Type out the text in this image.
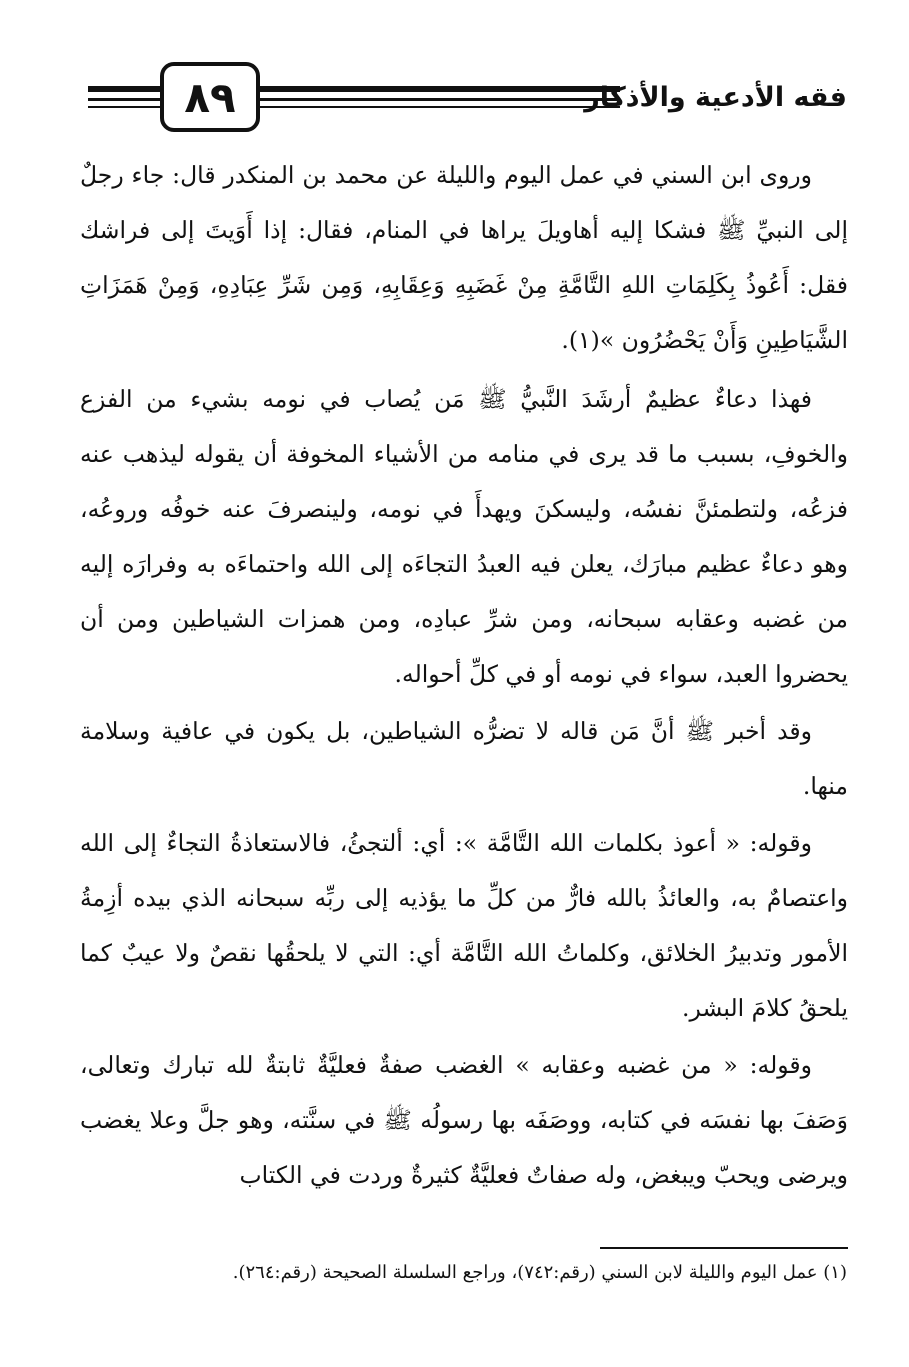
٨٩	فقه الأدعية والأذكار

وروى ابن السني في عمل اليوم والليلة عن محمد بن المنكدر قال: جاء رجلٌ إلى النبيِّ ﷺ فشكا إليه أهاويلَ يراها في المنام، فقال: إذا أَوَيتَ إلى فراشك فقل: أَعُوذُ بِكَلِمَاتِ اللهِ التَّامَّةِ مِنْ غَضَبِهِ وَعِقَابِهِ، وَمِن شَرِّ عِبَادِهِ، وَمِنْ هَمَزَاتِ الشَّيَاطِينِ وَأَنْ يَحْضُرُون »(١).

فهذا دعاءٌ عظيمٌ أرشَدَ النَّبيُّ ﷺ مَن يُصاب في نومه بشيء من الفزع والخوفِ، بسبب ما قد يرى في منامه من الأشياء المخوفة أن يقوله ليذهب عنه فزعُه، ولتطمئنَّ نفسُه، وليسكنَ ويهدأَ في نومه، ولينصرفَ عنه خوفُه وروعُه، وهو دعاءٌ عظيم مبارَك، يعلن فيه العبدُ التجاءَه إلى الله واحتماءَه به وفرارَه إليه من غضبه وعقابه سبحانه، ومن شرِّ عبادِه، ومن همزات الشياطين ومن أن يحضروا العبد، سواء في نومه أو في كلِّ أحواله.

وقد أخبر ﷺ أنَّ مَن قاله لا تضرُّه الشياطين، بل يكون في عافية وسلامة منها.

وقوله: « أعوذ بكلمات الله التَّامَّة »: أي: ألتجئُ، فالاستعاذةُ التجاءٌ إلى الله واعتصامٌ به، والعائذُ بالله فارٌّ من كلِّ ما يؤذيه إلى ربِّه سبحانه الذي بيده أزِمةُ الأمور وتدبيرُ الخلائق، وكلماتُ الله التَّامَّة أي: التي لا يلحقُها نقصٌ ولا عيبٌ كما يلحقُ كلامَ البشر.

وقوله: « من غضبه وعقابه » الغضب صفةٌ فعليَّةٌ ثابتةٌ لله تبارك وتعالى، وَصَفَ بها نفسَه في كتابه، ووصَفَه بها رسولُه ﷺ في سنَّته، وهو جلَّ وعلا يغضب ويرضى ويحبّ ويبغض، وله صفاتٌ فعليَّةٌ كثيرةٌ وردت في الكتاب

(١) عمل اليوم والليلة لابن السني (رقم:٧٤٢)، وراجع السلسلة الصحيحة (رقم:٢٦٤).
